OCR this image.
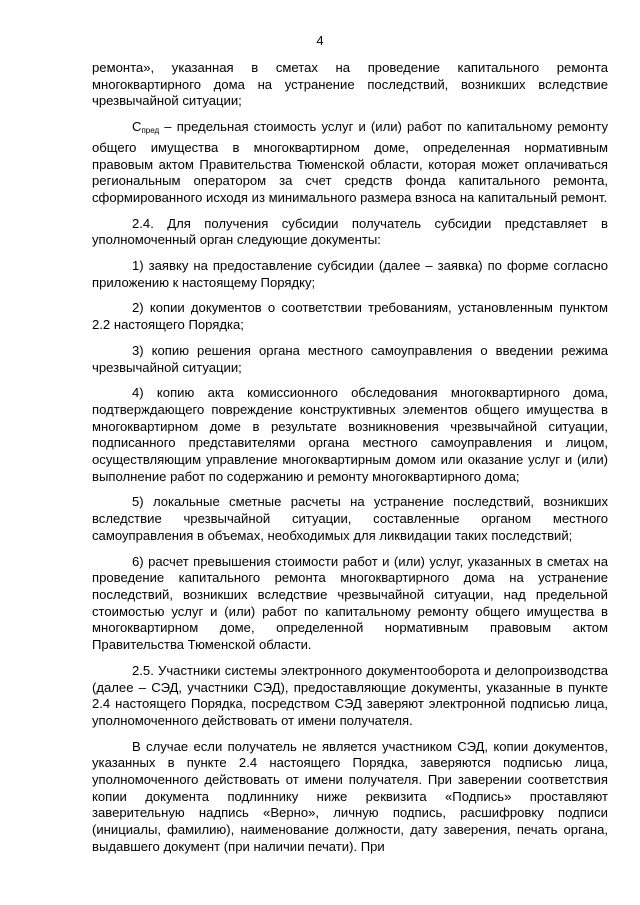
4

ремонта», указанная в сметах на проведение капитального ремонта многоквартирного дома на устранение последствий, возникших вследствие чрезвычайной ситуации;

$С_{пред}$ – предельная стоимость услуг и (или) работ по капитальному ремонту общего имущества в многоквартирном доме, определенная нормативным правовым актом Правительства Тюменской области, которая может оплачиваться региональным оператором за счет средств фонда капитального ремонта, сформированного исходя из минимального размера взноса на капитальный ремонт.

2.4. Для получения субсидии получатель субсидии представляет в уполномоченный орган следующие документы:

1) заявку на предоставление субсидии (далее – заявка) по форме согласно приложению к настоящему Порядку;

2) копии документов о соответствии требованиям, установленным пунктом 2.2 настоящего Порядка;

3) копию решения органа местного самоуправления о введении режима чрезвычайной ситуации;

4) копию акта комиссионного обследования многоквартирного дома, подтверждающего повреждение конструктивных элементов общего имущества в многоквартирном доме в результате возникновения чрезвычайной ситуации, подписанного представителями органа местного самоуправления и лицом, осуществляющим управление многоквартирным домом или оказание услуг и (или) выполнение работ по содержанию и ремонту многоквартирного дома;

5) локальные сметные расчеты на устранение последствий, возникших вследствие чрезвычайной ситуации, составленные органом местного самоуправления в объемах, необходимых для ликвидации таких последствий;

6) расчет превышения стоимости работ и (или) услуг, указанных в сметах на проведение капитального ремонта многоквартирного дома на устранение последствий, возникших вследствие чрезвычайной ситуации, над предельной стоимостью услуг и (или) работ по капитальному ремонту общего имущества в многоквартирном доме, определенной нормативным правовым актом Правительства Тюменской области.

2.5. Участники системы электронного документооборота и делопроизводства (далее – СЭД, участники СЭД), предоставляющие документы, указанные в пункте 2.4 настоящего Порядка, посредством СЭД заверяют электронной подписью лица, уполномоченного действовать от имени получателя.

В случае если получатель не является участником СЭД, копии документов, указанных в пункте 2.4 настоящего Порядка, заверяются подписью лица, уполномоченного действовать от имени получателя. При заверении соответствия копии документа подлиннику ниже реквизита «Подпись» проставляют заверительную надпись «Верно», личную подпись, расшифровку подписи (инициалы, фамилию), наименование должности, дату заверения, печать органа, выдавшего документ (при наличии печати). При
